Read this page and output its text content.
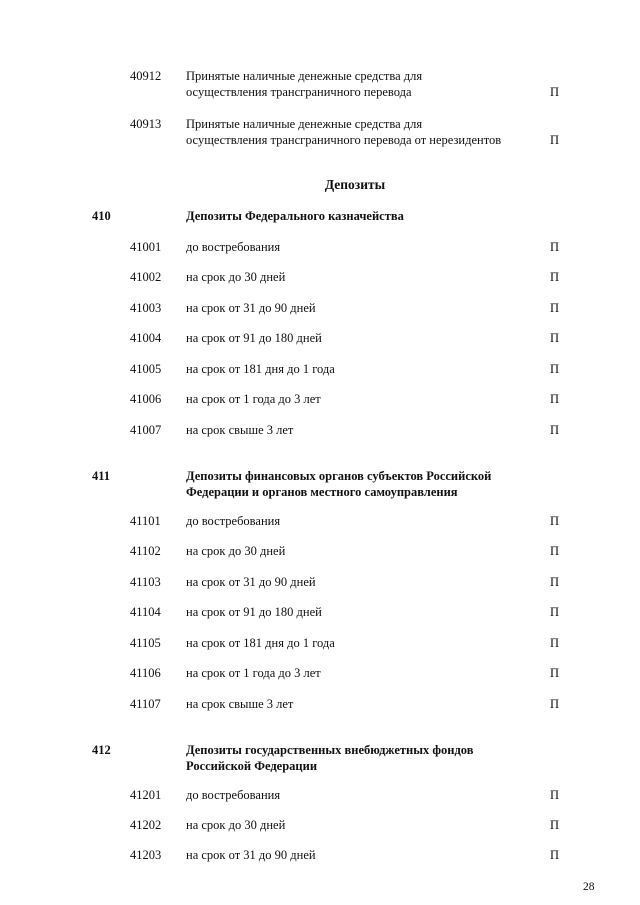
40912 Принятые наличные денежные средства для
осуществления трансграничного перевода	П
40913 Принятые наличные денежные средства для
осуществления трансграничного перевода от нерезидентов	П
Депозиты
410	Депозиты Федерального казначейства
41001 до востребования	П
41002 на срок до 30 дней	П
41003 на срок от 31 до 90 дней	П
41004 на срок от 91 до 180 дней	П
41005 на срок от 181 дня до 1 года	П
41006 на срок от 1 года до 3 лет	П
41007 на срок свыше 3 лет	П
411	Депозиты финансовых органов субъектов Российской
Федерации и органов местного самоуправления
41101 до востребования	П
41102 на срок до 30 дней	П
41103 на срок от 31 до 90 дней	П
41104 на срок от 91 до 180 дней	П
41105 на срок от 181 дня до 1 года	П
41106 на срок от 1 года до 3 лет	П
41107 на срок свыше 3 лет	П
412	Депозиты государственных внебюджетных фондов
Российской Федерации
41201 до востребования	П
41202 на срок до 30 дней	П
41203 на срок от 31 до 90 дней	П
28
